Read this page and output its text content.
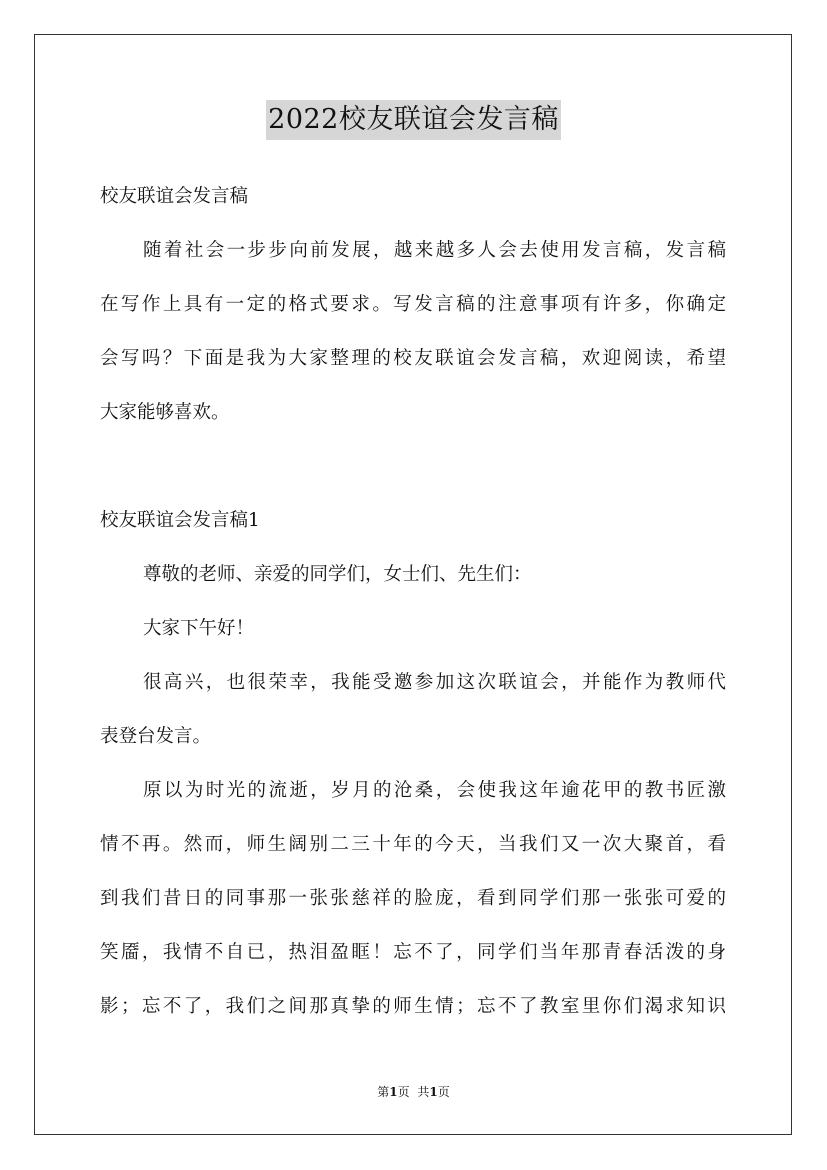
2022校友联谊会发言稿
校友联谊会发言稿
随着社会一步步向前发展，越来越多人会去使用发言稿，发言稿
在写作上具有一定的格式要求。写发言稿的注意事项有许多，你确定
会写吗？下面是我为大家整理的校友联谊会发言稿，欢迎阅读，希望
大家能够喜欢。
校友联谊会发言稿1
尊敬的老师、亲爱的同学们，女士们、先生们：
大家下午好！
很高兴，也很荣幸，我能受邀参加这次联谊会，并能作为教师代
表登台发言。
原以为时光的流逝，岁月的沧桑，会使我这年逾花甲的教书匠激
情不再。然而，师生阔别二三十年的今天，当我们又一次大聚首，看
到我们昔日的同事那一张张慈祥的脸庞，看到同学们那一张张可爱的
笑靥，我情不自已，热泪盈眶！忘不了，同学们当年那青春活泼的身
影；忘不了，我们之间那真挚的师生情；忘不了教室里你们渴求知识
第1页 共1页
